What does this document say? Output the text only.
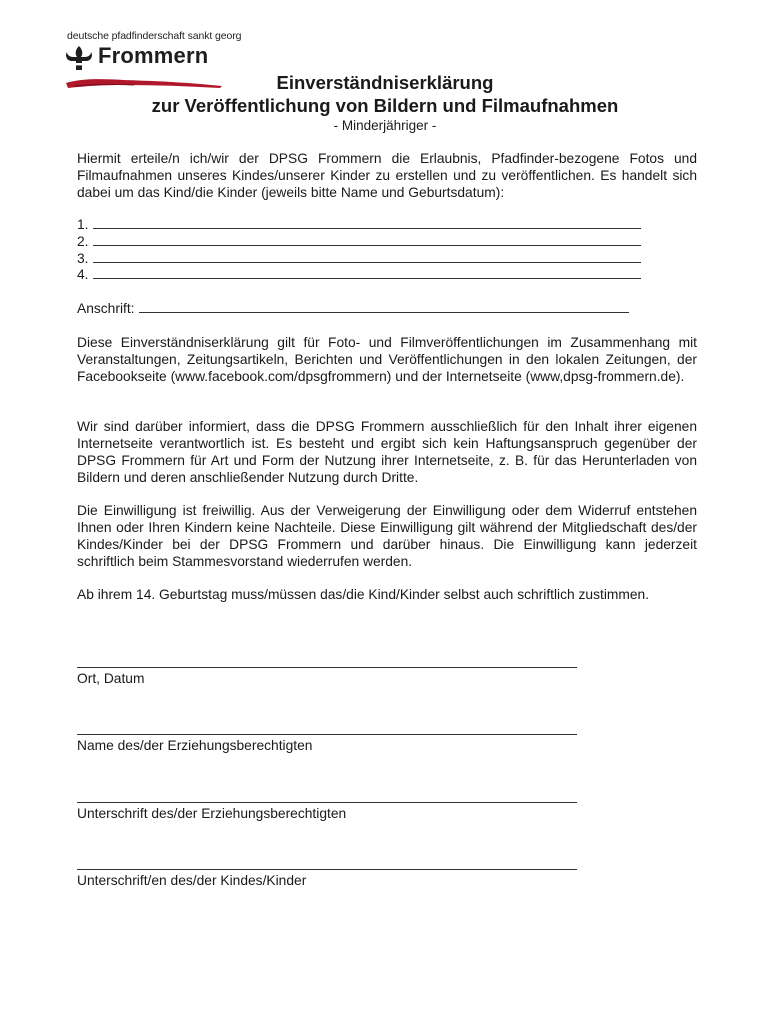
deutsche pfadfinderschaft sankt georg
Frommern
Einverständniserklärung
zur Veröffentlichung von Bildern und Filmaufnahmen
- Minderjähriger -
Hiermit erteile/n ich/wir der DPSG Frommern die Erlaubnis, Pfadfinder-bezogene Fotos und Filmaufnahmen unseres Kindes/unserer Kinder zu erstellen und zu veröffentlichen. Es handelt sich dabei um das Kind/die Kinder (jeweils bitte Name und Geburtsdatum):
1.
2.
3.
4.
Anschrift:
Diese Einverständniserklärung gilt für Foto- und Filmveröffentlichungen im Zusammenhang mit Veranstaltungen, Zeitungsartikeln, Berichten und Veröffentlichungen in den lokalen Zeitungen, der Facebookseite (www.facebook.com/dpsgfrommern) und der Internetseite (www,dpsg-frommern.de).
Wir sind darüber informiert, dass die DPSG Frommern ausschließlich für den Inhalt ihrer eigenen Internetseite verantwortlich ist. Es besteht und ergibt sich kein Haftungsanspruch gegenüber der DPSG Frommern für Art und Form der Nutzung ihrer Internetseite, z. B. für das Herunterladen von Bildern und deren anschließender Nutzung durch Dritte.
Die Einwilligung ist freiwillig. Aus der Verweigerung der Einwilligung oder dem Widerruf entstehen Ihnen oder Ihren Kindern keine Nachteile. Diese Einwilligung gilt während der Mitgliedschaft des/der Kindes/Kinder bei der DPSG Frommern und darüber hinaus. Die Einwilligung kann jederzeit schriftlich beim Stammesvorstand wiederrufen werden.
Ab ihrem 14. Geburtstag muss/müssen das/die Kind/Kinder selbst auch schriftlich zustimmen.
Ort, Datum
Name des/der Erziehungsberechtigten
Unterschrift des/der Erziehungsberechtigten
Unterschrift/en des/der Kindes/Kinder
